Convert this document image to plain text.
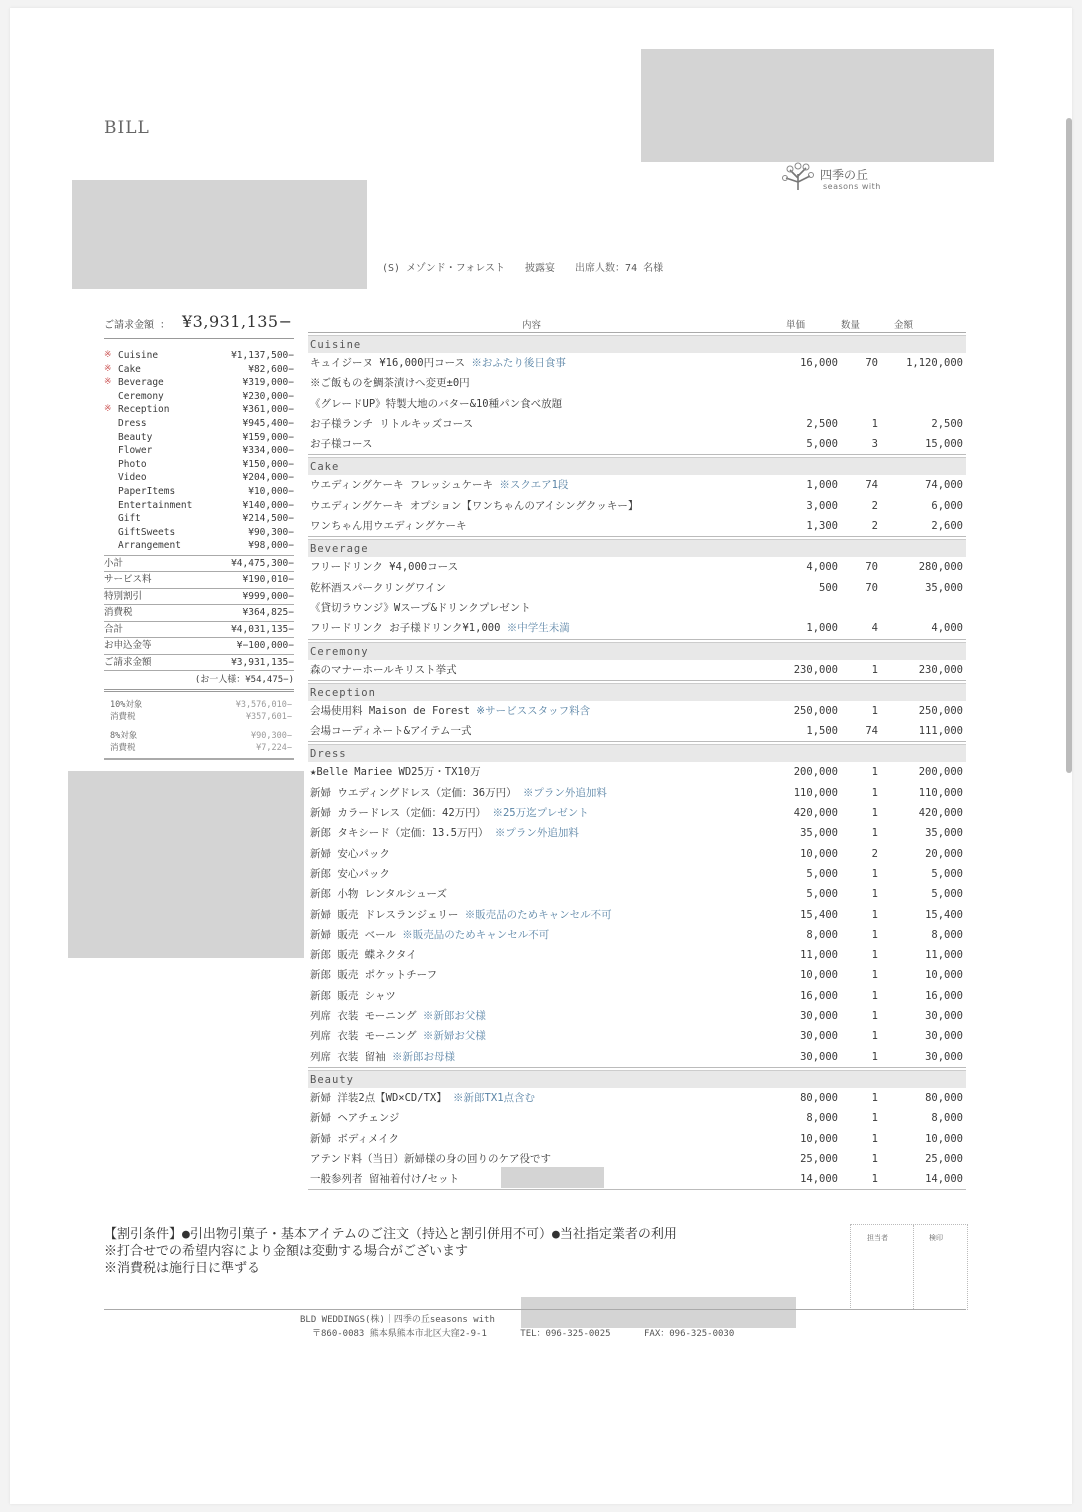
BILL
四季の丘
seasons with
(S) メゾンド・フォレスト 披露宴 出席人数：74 名様
ご請求金額 ： ¥3,931,135−
※ Cuisine	¥1,137,500−
※ Cake	¥82,600−
※ Beverage	¥319,000−
Ceremony	¥230,000−
※ Reception	¥361,000−
Dress	¥945,400−
Beauty	¥159,000−
Flower	¥334,000−
Photo	¥150,000−
Video	¥204,000−
PaperItems	¥10,000−
Entertainment	¥140,000−
Gift	¥214,500−
GiftSweets	¥90,300−
Arrangement	¥98,000−
小計	¥4,475,300−
サービス料	¥190,010−
特別割引	¥999,000−
消費税	¥364,825−
合計	¥4,031,135−
お申込金等	¥−100,000−
ご請求金額	¥3,931,135−
(お一人様：¥54,475−)
10%対象	¥3,576,010−
消費税	¥357,601−
8%対象	¥90,300−
消費税	¥7,224−
内容	単価	数量	金額
Cuisine
キュイジーヌ ¥16,000円コース ※おふたり後日食事	16,000	70	1,120,000
※ご飯ものを鯛茶漬けへ変更±0円
《グレードUP》特製大地のバター&10種パン食べ放題
お子様ランチ リトルキッズコース	2,500	1	2,500
お子様コース	5,000	3	15,000
Cake
ウエディングケーキ フレッシュケーキ ※スクエア1段	1,000	74	74,000
ウエディングケーキ オプション【ワンちゃんのアイシングクッキー】	3,000	2	6,000
ワンちゃん用ウエディングケーキ	1,300	2	2,600
Beverage
フリードリンク ¥4,000コース	4,000	70	280,000
乾杯酒スパークリングワイン	500	70	35,000
《貸切ラウンジ》Wスープ&ドリンクプレゼント
フリードリンク お子様ドリンク¥1,000 ※中学生未満	1,000	4	4,000
Ceremony
森のマナーホールキリスト挙式	230,000	1	230,000
Reception
会場使用料 Maison de Forest ※サービススタッフ料含	250,000	1	250,000
会場コーディネート&アイテム一式	1,500	74	111,000
Dress
★Belle Mariee WD25万・TX10万	200,000	1	200,000
新婦 ウエディングドレス（定価：36万円） ※プラン外追加料	110,000	1	110,000
新婦 カラードレス（定価：42万円） ※25万迄プレゼント	420,000	1	420,000
新郎 タキシード（定価：13.5万円） ※プラン外追加料	35,000	1	35,000
新婦 安心パック	10,000	2	20,000
新郎 安心パック	5,000	1	5,000
新郎 小物 レンタルシューズ	5,000	1	5,000
新婦 販売 ドレスランジェリー ※販売品のためキャンセル不可	15,400	1	15,400
新婦 販売 ベール ※販売品のためキャンセル不可	8,000	1	8,000
新郎 販売 蝶ネクタイ	11,000	1	11,000
新郎 販売 ポケットチーフ	10,000	1	10,000
新郎 販売 シャツ	16,000	1	16,000
列席 衣装 モーニング ※新郎お父様	30,000	1	30,000
列席 衣装 モーニング ※新婦お父様	30,000	1	30,000
列席 衣装 留袖 ※新郎お母様	30,000	1	30,000
Beauty
新婦 洋装2点【WD×CD/TX】 ※新郎TX1点含む	80,000	1	80,000
新婦 ヘアチェンジ	8,000	1	8,000
新婦 ボディメイク	10,000	1	10,000
アテンド料（当日）新婦様の身の回りのケア役です	25,000	1	25,000
一般参列者 留袖着付け/セット	14,000	1	14,000
【割引条件】●引出物引菓子・基本アイテムのご注文（持込と割引併用不可）●当社指定業者の利用
※打合せでの希望内容により金額は変動する場合がございます
※消費税は施行日に準ずる
担当者	検印
BLD WEDDINGS(株)｜四季の丘seasons with
〒860-0083 熊本県熊本市北区大窪2-9-1	TEL：096-325-0025	FAX：096-325-0030
